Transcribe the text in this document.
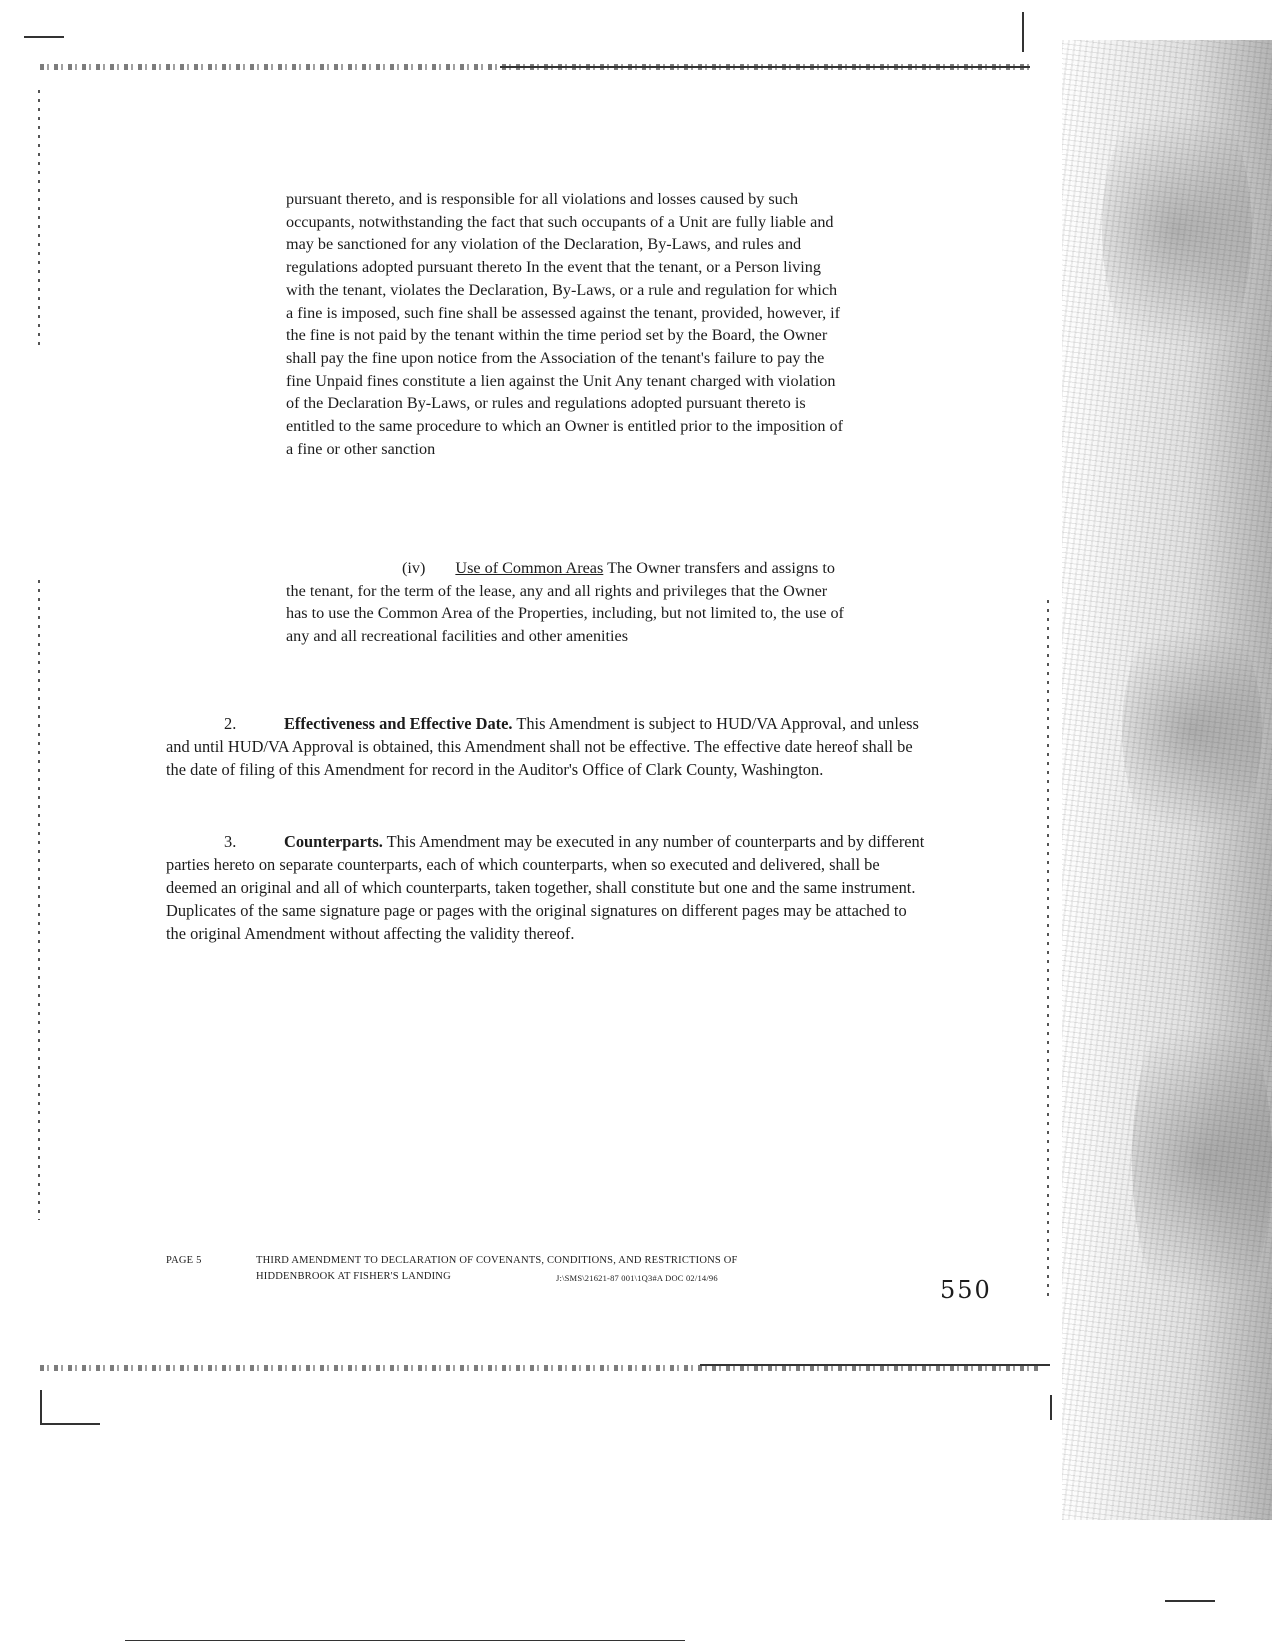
pursuant thereto, and is responsible for all violations and losses caused by such occupants, notwithstanding the fact that such occupants of a Unit are fully liable and may be sanctioned for any violation of the Declaration, By-Laws, and rules and regulations adopted pursuant thereto In the event that the tenant, or a Person living with the tenant, violates the Declaration, By-Laws, or a rule and regulation for which a fine is imposed, such fine shall be assessed against the tenant, provided, however, if the fine is not paid by the tenant within the time period set by the Board, the Owner shall pay the fine upon notice from the Association of the tenant's failure to pay the fine Unpaid fines constitute a lien against the Unit Any tenant charged with violation of the Declaration By-Laws, or rules and regulations adopted pursuant thereto is entitled to the same procedure to which an Owner is entitled prior to the imposition of a fine or other sanction

(iv) Use of Common Areas The Owner transfers and assigns to the tenant, for the term of the lease, any and all rights and privileges that the Owner has to use the Common Area of the Properties, including, but not limited to, the use of any and all recreational facilities and other amenities
2.	Effectiveness and Effective Date. This Amendment is subject to HUD/VA Approval, and unless and until HUD/VA Approval is obtained, this Amendment shall not be effective. The effective date hereof shall be the date of filing of this Amendment for record in the Auditor's Office of Clark County, Washington.
3.	Counterparts. This Amendment may be executed in any number of counterparts and by different parties hereto on separate counterparts, each of which counterparts, when so executed and delivered, shall be deemed an original and all of which counterparts, taken together, shall constitute but one and the same instrument. Duplicates of the same signature page or pages with the original signatures on different pages may be attached to the original Amendment without affecting the validity thereof.
PAGE 5	THIRD AMENDMENT TO DECLARATION OF COVENANTS, CONDITIONS, AND RESTRICTIONS OF
HIDDENBROOK AT FISHER'S LANDING	J:\SMS\21621-87 001\1Q3#A DOC 02/14/96	550
